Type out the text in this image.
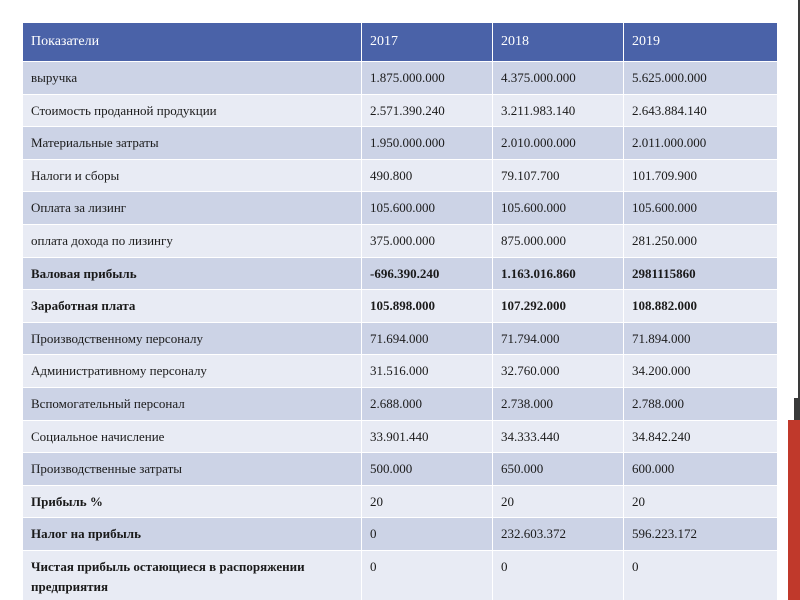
Показатели	2017	2018	2019
выручка	1.875.000.000	4.375.000.000	5.625.000.000
Стоимость проданной продукции	2.571.390.240	3.211.983.140	2.643.884.140
Материальные затраты	1.950.000.000	2.010.000.000	2.011.000.000
Налоги и сборы	490.800	79.107.700	101.709.900
Оплата за лизинг	105.600.000	105.600.000	105.600.000
оплата дохода по лизингу	375.000.000	875.000.000	281.250.000
Валовая прибыль	-696.390.240	1.163.016.860	2981115860
Заработная плата	105.898.000	107.292.000	108.882.000
Производственному персоналу	71.694.000	71.794.000	71.894.000
Административному персоналу	31.516.000	32.760.000	34.200.000
Вспомогательный персонал	2.688.000	2.738.000	2.788.000
Социальное начисление	33.901.440	34.333.440	34.842.240
Производственные затраты	500.000	650.000	600.000
Прибыль %	20	20	20
Налог на прибыль	0	232.603.372	596.223.172
Чистая прибыль остающиеся в распоряжении предприятия	0	0	0
